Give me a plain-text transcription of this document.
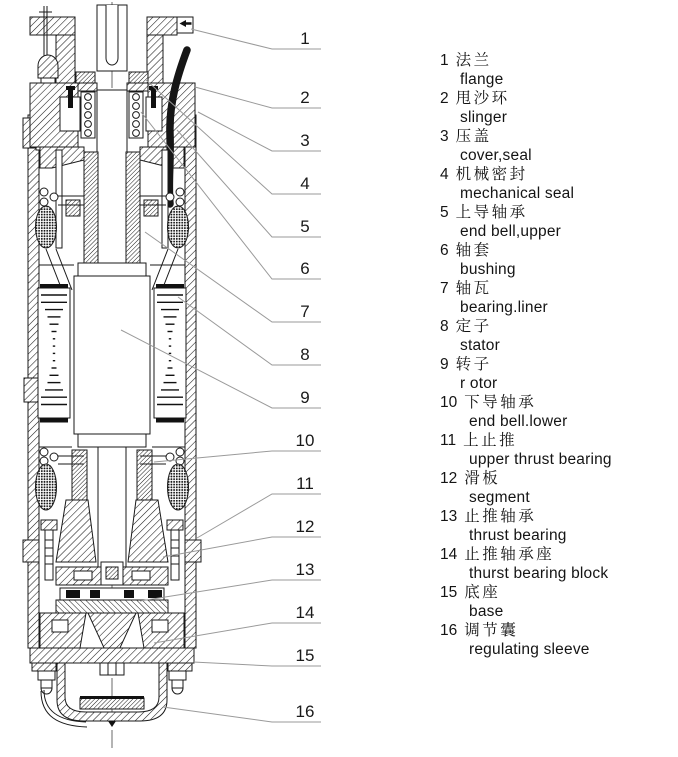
1
2
3
4
5
6
7
8
9
10
11
12
13
14
15
16
1 法兰
flange
2 甩沙环
slinger
3 压盖
cover,seal
4 机械密封
mechanical seal
5 上导轴承
end bell,upper
6 轴套
bushing
7 轴瓦
bearing.liner
8 定子
stator
9 转子
r otor
10 下导轴承
end bell.lower
11 上止推
upper thrust bearing
12 滑板
segment
13 止推轴承
thrust bearing
14 止推轴承座
thurst bearing block
15 底座
base
16 调节囊
regulating sleeve
